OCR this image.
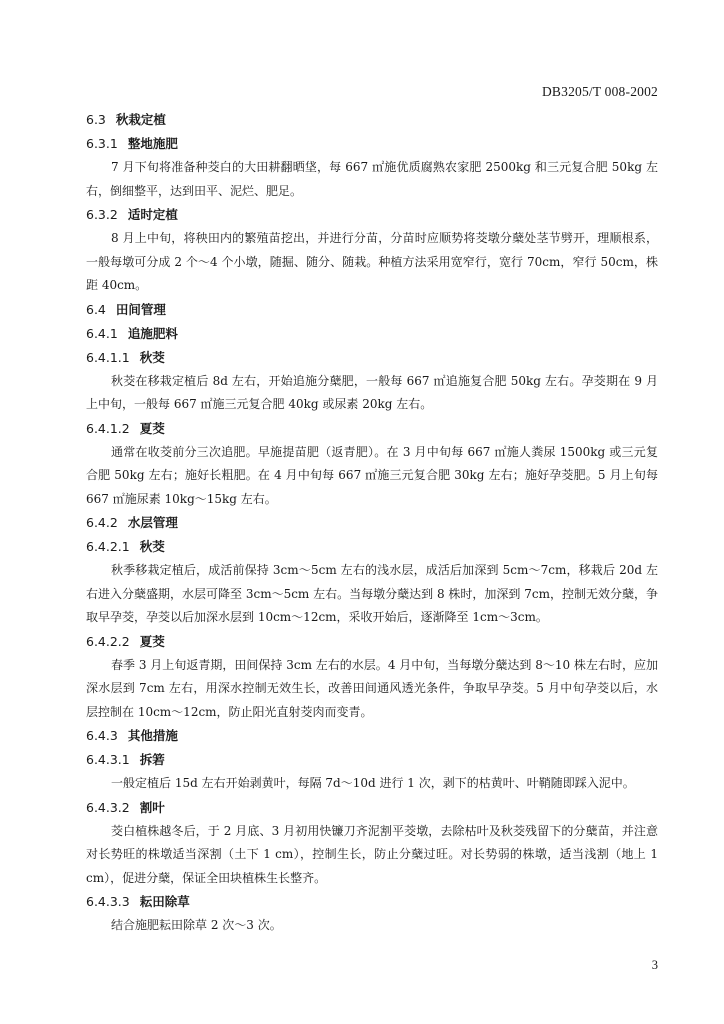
DB3205/T 008-2002
6.3 秋栽定植
6.3.1 整地施肥

7 月下旬将准备种茭白的大田耕翻晒垡，每 667 ㎡施优质腐熟农家肥 2500kg 和三元复合肥 50kg 左右，倒细整平，达到田平、泥烂、肥足。

6.3.2 适时定植

8 月上中旬，将秧田内的繁殖苗挖出，并进行分苗，分苗时应顺势将茭墩分蘖处茎节劈开，理顺根系，一般每墩可分成 2 个～4 个小墩，随掘、随分、随栽。种植方法采用宽窄行，宽行 70cm，窄行 50cm，株距 40cm。

6.4 田间管理
6.4.1 追施肥料
6.4.1.1 秋茭

秋茭在移栽定植后 8d 左右，开始追施分蘖肥，一般每 667 ㎡追施复合肥 50kg 左右。孕茭期在 9 月上中旬，一般每 667 ㎡施三元复合肥 40kg 或尿素 20kg 左右。

6.4.1.2 夏茭

通常在收茭前分三次追肥。早施提苗肥（返青肥）。在 3 月中旬每 667 ㎡施人粪尿 1500kg 或三元复合肥 50kg 左右；施好长粗肥。在 4 月中旬每 667 ㎡施三元复合肥 30kg 左右；施好孕茭肥。5 月上旬每 667 ㎡施尿素 10kg～15kg 左右。

6.4.2 水层管理
6.4.2.1 秋茭

秋季移栽定植后，成活前保持 3cm～5cm 左右的浅水层，成活后加深到 5cm～7cm，移栽后 20d 左右进入分蘖盛期，水层可降至 3cm～5cm 左右。当每墩分蘖达到 8 株时，加深到 7cm，控制无效分蘖，争取早孕茭，孕茭以后加深水层到 10cm～12cm，采收开始后，逐渐降至 1cm～3cm。

6.4.2.2 夏茭

春季 3 月上旬返青期，田间保持 3cm 左右的水层。4 月中旬，当每墩分蘖达到 8～10 株左右时，应加深水层到 7cm 左右，用深水控制无效生长，改善田间通风透光条件，争取早孕茭。5 月中旬孕茭以后，水层控制在 10cm～12cm，防止阳光直射茭肉而变青。

6.4.3 其他措施
6.4.3.1 拆箬

一般定植后 15d 左右开始剥黄叶，每隔 7d～10d 进行 1 次，剥下的枯黄叶、叶鞘随即踩入泥中。

6.4.3.2 割叶

茭白植株越冬后，于 2 月底、3 月初用快镰刀齐泥割平茭墩，去除枯叶及秋茭残留下的分蘖苗，并注意对长势旺的株墩适当深割（土下 1 cm），控制生长，防止分蘖过旺。对长势弱的株墩，适当浅割（地上 1 cm），促进分蘖，保证全田块植株生长整齐。

6.4.3.3 耘田除草

结合施肥耘田除草 2 次～3 次。

3
